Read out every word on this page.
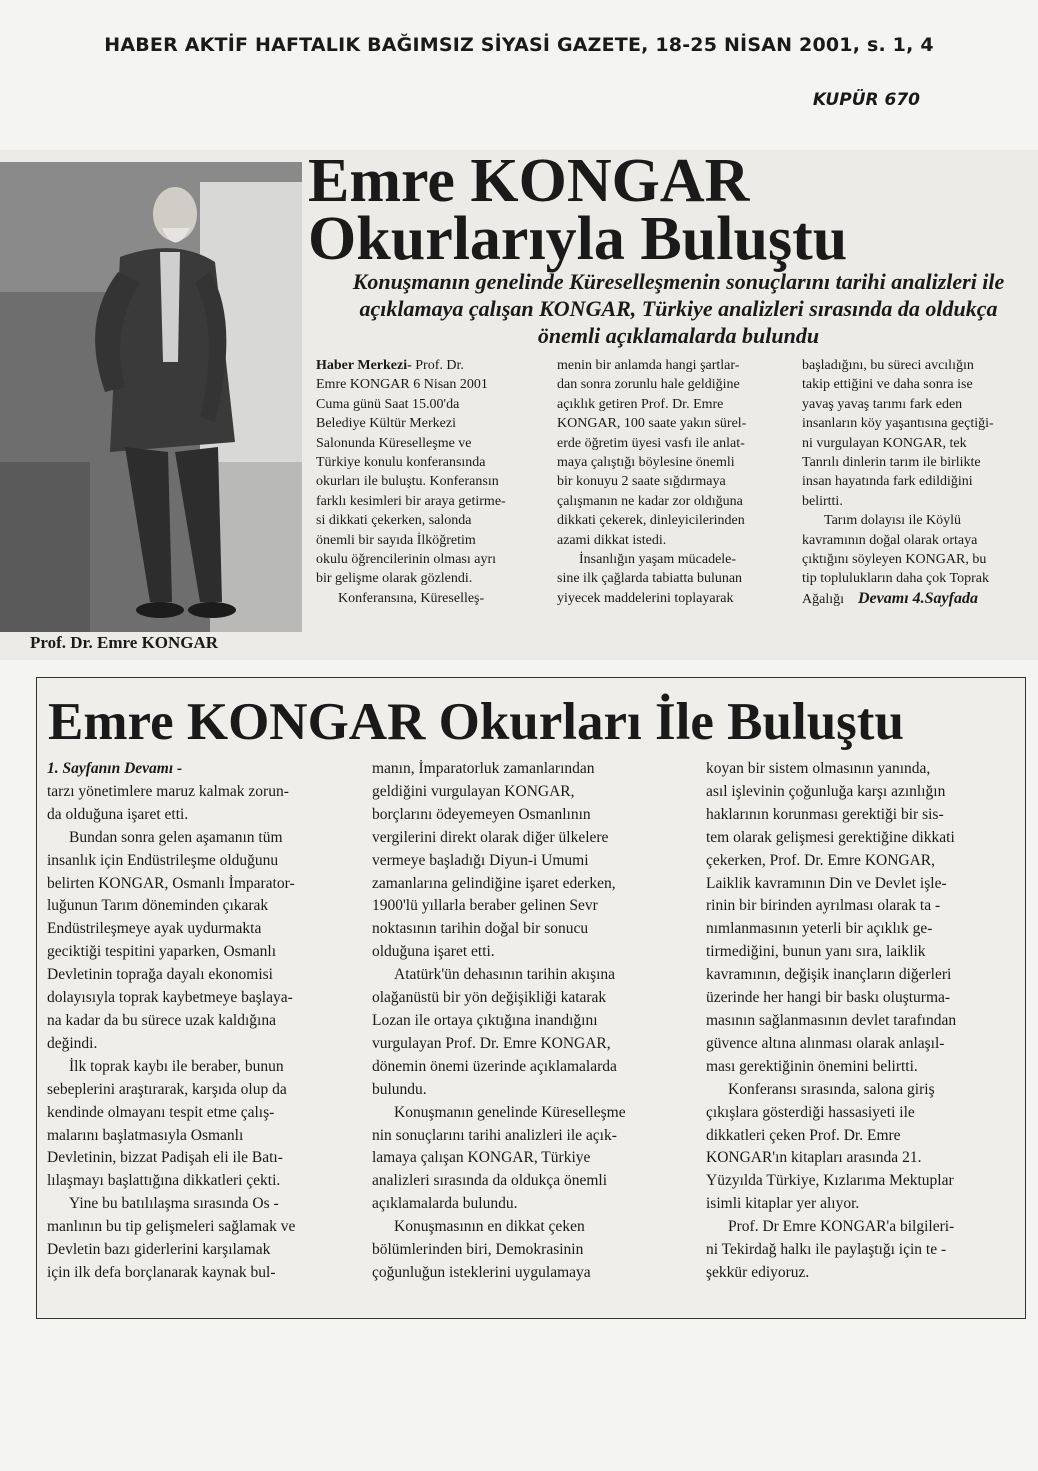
HABER AKTİF HAFTALIK BAĞIMSIZ SİYASİ GAZETE, 18-25 NİSAN 2001, s. 1, 4
KUPÜR 670
Prof. Dr. Emre KONGAR
Emre KONGAR
Okurlarıyla Buluştu
Konuşmanın genelinde Küreselleşmenin sonuçlarını tarihi analizleri ile açıklamaya çalışan KONGAR, Türkiye analizleri sırasında da oldukça önemli açıklamalarda bulundu

Haber Merkezi- Prof. Dr.

Emre KONGAR 6 Nisan 2001

Cuma günü Saat 15.00'da

Belediye Kültür Merkezi

Salonunda Küreselleşme ve

Türkiye konulu konferansında

okurları ile buluştu. Konferansın

farklı kesimleri bir araya getirme-

si dikkati çekerken, salonda

önemli bir sayıda İlköğretim

okulu öğrencilerinin olması ayrı

bir gelişme olarak gözlendi.

Konferansına, Küreselleş-

menin bir anlamda hangi şartlar-

dan sonra zorunlu hale geldiğine

açıklık getiren Prof. Dr. Emre

KONGAR, 100 saate yakın sürel-

erde öğretim üyesi vasfı ile anlat-

maya çalıştığı böylesine önemli

bir konuyu 2 saate sığdırmaya

çalışmanın ne kadar zor oldığuna

dikkati çekerek, dinleyicilerinden

azami dikkat istedi.

İnsanlığın yaşam mücadele-

sine ilk çağlarda tabiatta bulunan

yiyecek maddelerini toplayarak

başladığını, bu süreci avcılığın

takip ettiğini ve daha sonra ise

yavaş yavaş tarımı fark eden

insanların köy yaşantısına geçtiği-

ni vurgulayan KONGAR, tek

Tanrılı dinlerin tarım ile birlikte

insan hayatında fark edildiğini

belirtti.

Tarım dolayısı ile Köylü

kavramının doğal olarak ortaya

çıktığını söyleyen KONGAR, bu

tip toplulukların daha çok Toprak

Ağalığı Devamı 4.Sayfada

Emre KONGAR Okurları İle Buluştu

1. Sayfanın Devamı -

tarzı yönetimlere maruz kalmak zorun-

da olduğuna işaret etti.

Bundan sonra gelen aşamanın tüm

insanlık için Endüstrileşme olduğunu

belirten KONGAR, Osmanlı İmparator-

luğunun Tarım döneminden çıkarak

Endüstrileşmeye ayak uydurmakta

geciktiği tespitini yaparken, Osmanlı

Devletinin toprağa dayalı ekonomisi

dolayısıyla toprak kaybetmeye başlaya-

na kadar da bu sürece uzak kaldığına

değindi.

İlk toprak kaybı ile beraber, bunun

sebeplerini araştırarak, karşıda olup da

kendinde olmayanı tespit etme çalış-

malarını başlatmasıyla Osmanlı

Devletinin, bizzat Padişah eli ile Batı-

lılaşmayı başlattığına dikkatleri çekti.

Yine bu batılılaşma sırasında Os -

manlının bu tip gelişmeleri sağlamak ve

Devletin bazı giderlerini karşılamak

için ilk defa borçlanarak kaynak bul-

manın, İmparatorluk zamanlarından

geldiğini vurgulayan KONGAR,

borçlarını ödeyemeyen Osmanlının

vergilerini direkt olarak diğer ülkelere

vermeye başladığı Diyun-i Umumi

zamanlarına gelindiğine işaret ederken,

1900'lü yıllarla beraber gelinen Sevr

noktasının tarihin doğal bir sonucu

olduğuna işaret etti.

Atatürk'ün dehasının tarihin akışına

olağanüstü bir yön değişikliği katarak

Lozan ile ortaya çıktığına inandığını

vurgulayan Prof. Dr. Emre KONGAR,

dönemin önemi üzerinde açıklamalarda

bulundu.

Konuşmanın genelinde Küreselleşme

nin sonuçlarını tarihi analizleri ile açık-

lamaya çalışan KONGAR, Türkiye

analizleri sırasında da oldukça önemli

açıklamalarda bulundu.

Konuşmasının en dikkat çeken

bölümlerinden biri, Demokrasinin

çoğunluğun isteklerini uygulamaya

koyan bir sistem olmasının yanında,

asıl işlevinin çoğunluğa karşı azınlığın

haklarının korunması gerektiği bir sis-

tem olarak gelişmesi gerektiğine dikkati

çekerken, Prof. Dr. Emre KONGAR,

Laiklik kavramının Din ve Devlet işle-

rinin bir birinden ayrılması olarak ta -

nımlanmasının yeterli bir açıklık ge-

tirmediğini, bunun yanı sıra, laiklik

kavramının, değişik inançların diğerleri

üzerinde her hangi bir baskı oluşturma-

masının sağlanmasının devlet tarafından

güvence altına alınması olarak anlaşıl-

ması gerektiğinin önemini belirtti.

Konferansı sırasında, salona giriş

çıkışlara gösterdiği hassasiyeti ile

dikkatleri çeken Prof. Dr. Emre

KONGAR'ın kitapları arasında 21.

Yüzyılda Türkiye, Kızlarıma Mektuplar

isimli kitaplar yer alıyor.

Prof. Dr Emre KONGAR'a bilgileri-

ni Tekirdağ halkı ile paylaştığı için te -

şekkür ediyoruz.
